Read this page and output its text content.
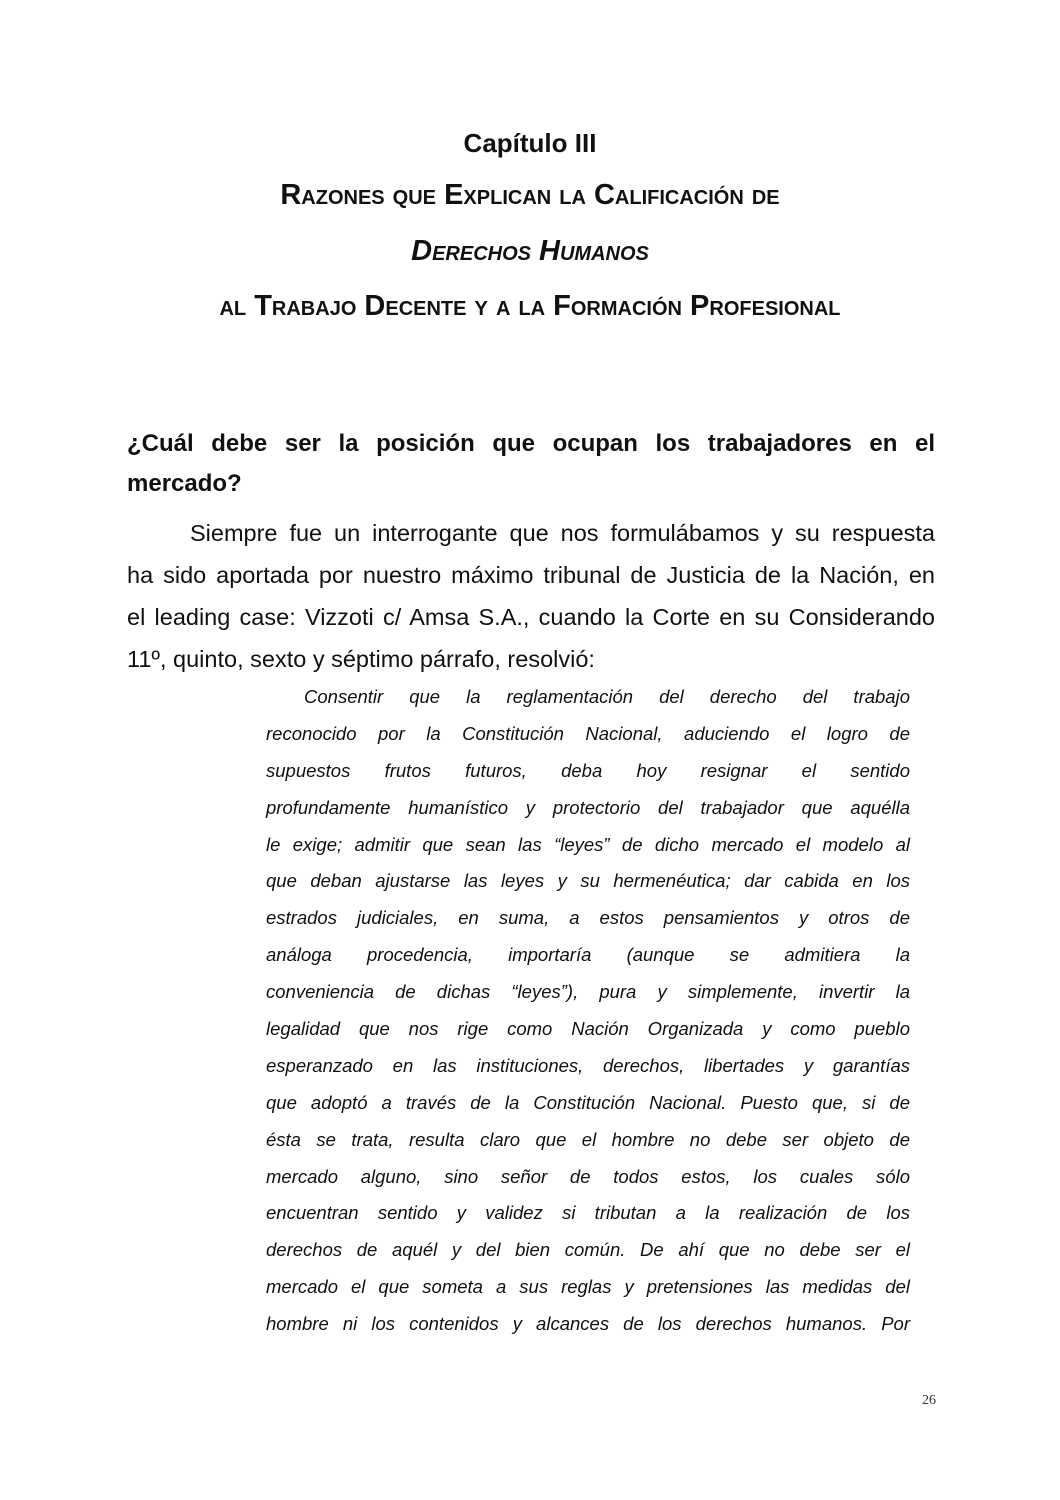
Capítulo III
Razones que Explican la Calificación de
Derechos Humanos
al Trabajo Decente y a la Formación Profesional

¿Cuál debe ser la posición que ocupan los trabajadores en el mercado?

Siempre fue un interrogante que nos formulábamos y su respuesta

ha sido aportada por nuestro máximo tribunal de Justicia de la Nación, en

el leading case: Vizzoti c/ Amsa S.A., cuando la Corte en su Considerando

11º, quinto, sexto y séptimo párrafo, resolvió:

Consentir que la reglamentación del derecho del trabajo
reconocido por la Constitución Nacional, aduciendo el logro de
supuestos frutos futuros, deba hoy resignar el sentido
profundamente humanístico y protectorio del trabajador que aquélla
le exige; admitir que sean las “leyes” de dicho mercado el modelo al
que deban ajustarse las leyes y su hermenéutica; dar cabida en los
estrados judiciales, en suma, a estos pensamientos y otros de
análoga procedencia, importaría (aunque se admitiera la
conveniencia de dichas “leyes”), pura y simplemente, invertir la
legalidad que nos rige como Nación Organizada y como pueblo
esperanzado en las instituciones, derechos, libertades y garantías
que adoptó a través de la Constitución Nacional. Puesto que, si de
ésta se trata, resulta claro que el hombre no debe ser objeto de
mercado alguno, sino señor de todos estos, los cuales sólo
encuentran sentido y validez si tributan a la realización de los
derechos de aquél y del bien común. De ahí que no debe ser el
mercado el que someta a sus reglas y pretensiones las medidas del
hombre ni los contenidos y alcances de los derechos humanos. Por
26
